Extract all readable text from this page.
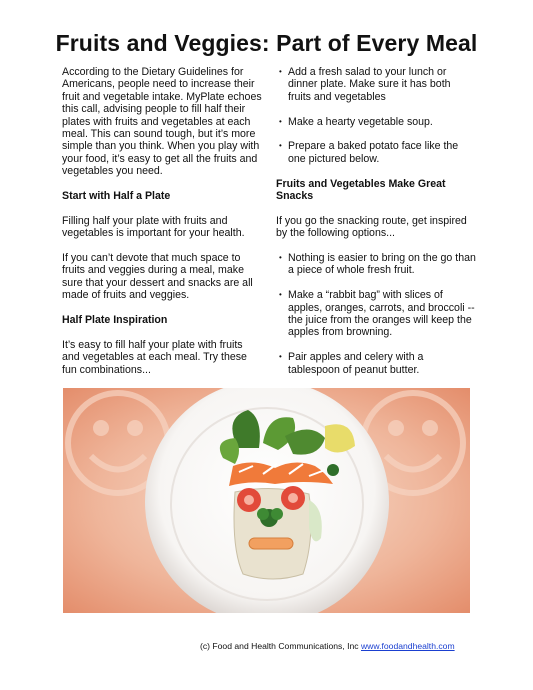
Fruits and Veggies: Part of Every Meal

According to the Dietary Guidelines for Americans, people need to increase their fruit and vegetable intake. MyPlate echoes this call, advising people to fill half their plates with fruits and vegetables at each meal. This can sound tough, but it’s more simple than you think. When you play with your food, it’s easy to get all the fruits and vegetables you need.

Start with Half a Plate

Filling half your plate with fruits and vegetables is important for your health.

If you can’t devote that much space to fruits and veggies during a meal, make sure that your dessert and snacks are all made of fruits and veggies.

Half Plate Inspiration

It’s easy to fill half your plate with fruits and vegetables at each meal. Try these fun combinations...

• Add a fresh salad to your lunch or dinner plate. Make sure it has both fruits and vegetables
• Make a hearty vegetable soup.
• Prepare a baked potato face like the one pictured below.
Fruits and Vegetables Make Great Snacks

If you go the snacking route, get inspired by the following options...

• Nothing is easier to bring on the go than a piece of whole fresh fruit.
• Make a “rabbit bag” with slices of apples, oranges, carrots, and broccoli -- the juice from the oranges will keep the apples from browning.
• Pair apples and celery with a tablespoon of peanut butter.
(c) Food and Health Communications, Inc www.foodandhealth.com
